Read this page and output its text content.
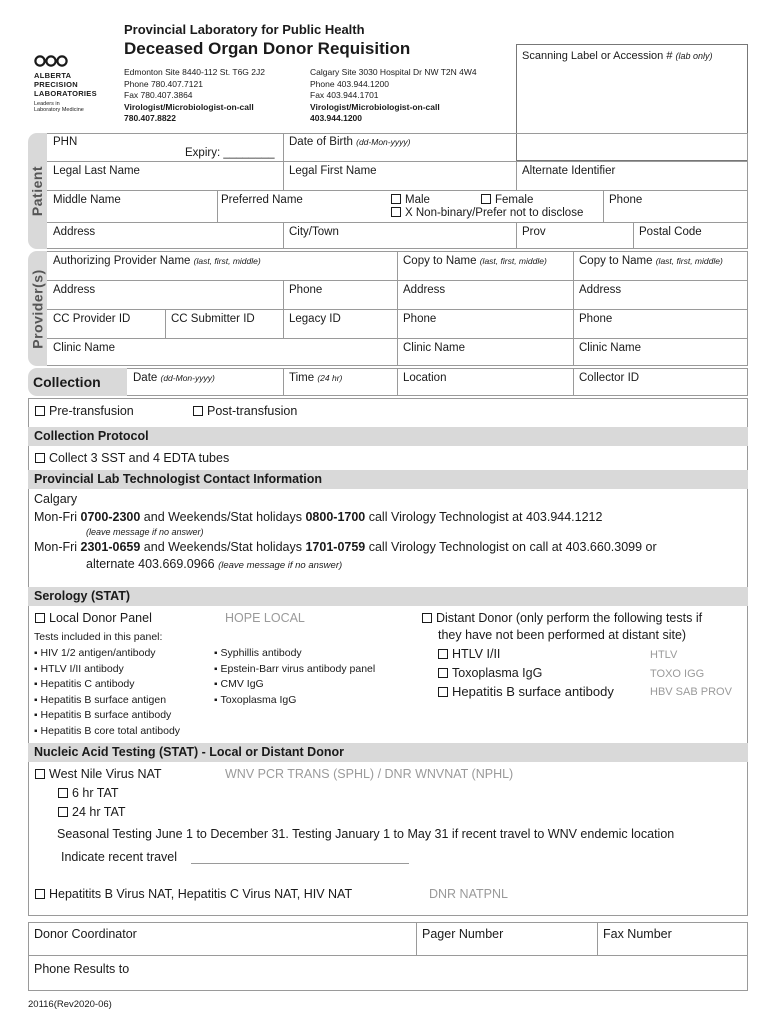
Provincial Laboratory for Public Health
Deceased Organ Donor Requisition
ALBERTA
PRECISION
LABORATORIES
Leaders in
Laboratory Medicine
Edmonton Site 8440-112 St. T6G 2J2
Phone 780.407.7121
Fax 780.407.3864
Virologist/Microbiologist-on-call
780.407.8822
Calgary Site 3030 Hospital Dr NW T2N 4W4
Phone 403.944.1200
Fax 403.944.1701
Virologist/Microbiologist-on-call
403.944.1200
Scanning Label or Accession # (lab only)
Patient
PHN
Expiry: ________
Date of Birth (dd-Mon-yyyy)
Legal Last Name	Legal First Name	Alternate Identifier
Middle Name	Preferred Name	Male	Female
X Non-binary/Prefer not to disclose
Phone
Address	City/Town	Prov	Postal Code
Provider(s)
Authorizing Provider Name (last, first, middle)	Copy to Name (last, first, middle)	Copy to Name (last, first, middle)
Address	Phone	Address	Address
CC Provider ID	CC Submitter ID	Legacy ID	Phone	Phone
Clinic Name	Clinic Name	Clinic Name
Collection	Date (dd-Mon-yyyy)	Time (24 hr)	Location	Collector ID
Pre-transfusion	Post-transfusion
Collection Protocol
Collect 3 SST and 4 EDTA tubes
Provincial Lab Technologist Contact Information
Calgary
Mon-Fri 0700-2300 and Weekends/Stat holidays 0800-1700 call Virology Technologist at 403.944.1212
(leave message if no answer)
Mon-Fri 2301-0659 and Weekends/Stat holidays 1701-0759 call Virology Technologist on call at 403.660.3099 or
alternate 403.669.0966 (leave message if no answer)
Serology (STAT)
Local Donor Panel	HOPE LOCAL
Tests included in this panel:
▪ HIV 1/2 antigen/antibody
▪ HTLV I/II antibody
▪ Hepatitis C antibody
▪ Hepatitis B surface antigen
▪ Hepatitis B surface antibody
▪ Hepatitis B core total antibody
▪ Syphillis antibody
▪ Epstein-Barr virus antibody panel
▪ CMV IgG
▪ Toxoplasma IgG
Distant Donor (only perform the following tests if
they have not been performed at distant site)
HTLV I/II	HTLV
Toxoplasma IgG	TOXO IGG
Hepatitis B surface antibody	HBV SAB PROV
Nucleic Acid Testing (STAT) - Local or Distant Donor
West Nile Virus NAT	WNV PCR TRANS (SPHL) / DNR WNVNAT (NPHL)
6 hr TAT
24 hr TAT
Seasonal Testing June 1 to December 31. Testing January 1 to May 31 if recent travel to WNV endemic location
Indicate recent travel
Hepatitits B Virus NAT, Hepatitis C Virus NAT, HIV NAT	DNR NATPNL
Donor Coordinator	Pager Number	Fax Number
Phone Results to
20116(Rev2020-06)
